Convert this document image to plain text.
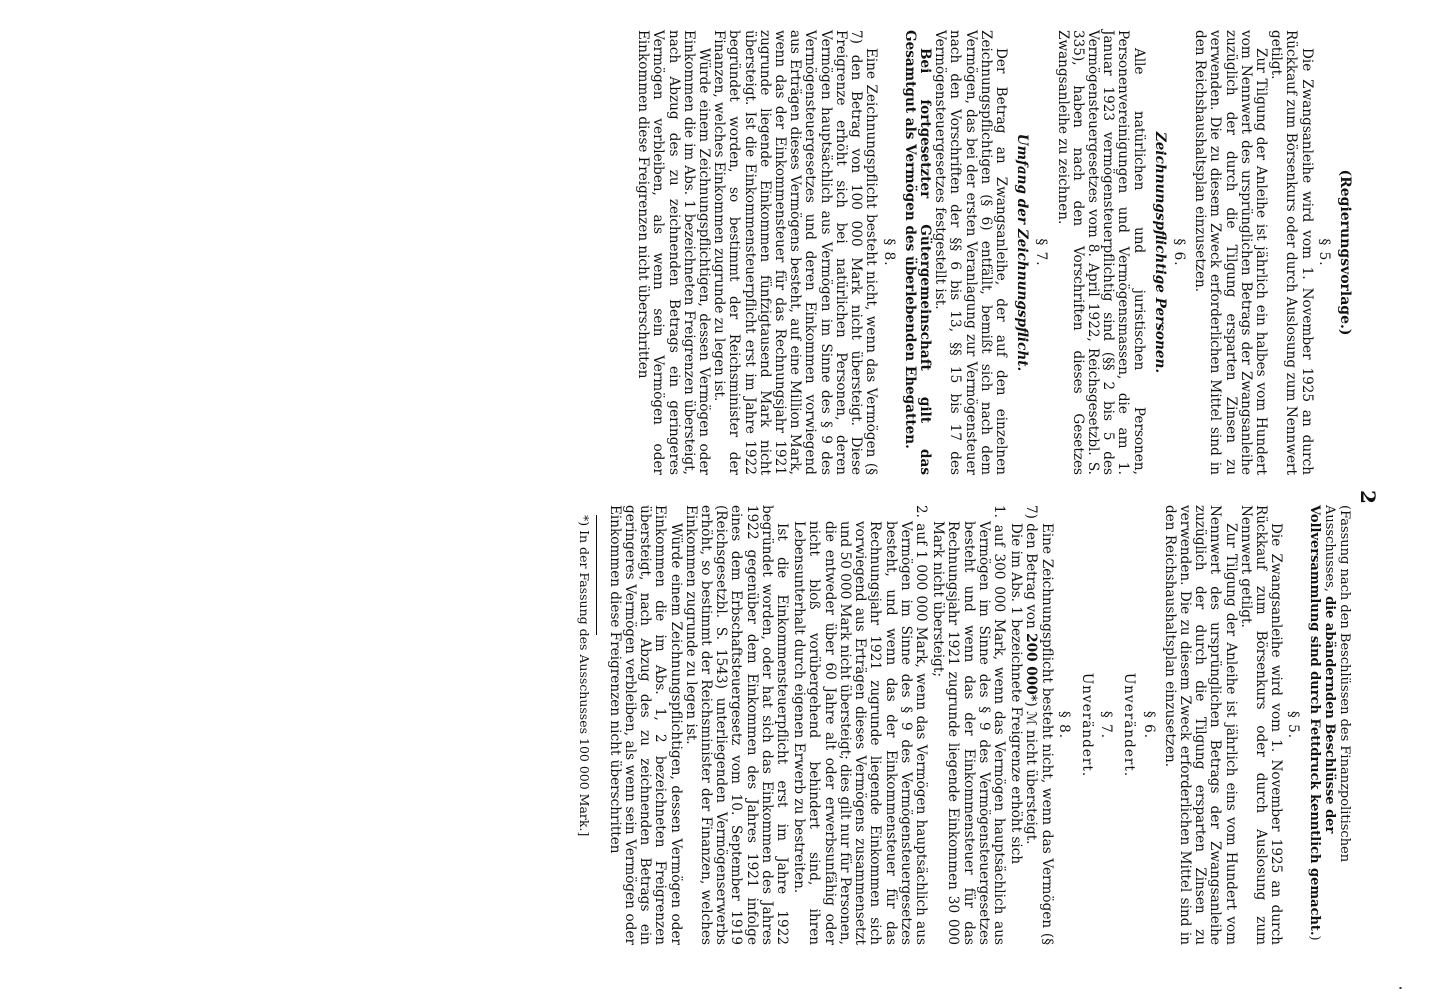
2
(Regierungsvorlage.)
§ 5.

Die Zwangsanleihe wird vom 1. November 1925 an durch Rückkauf zum Börsenkurs oder durch Auslosung zum Nennwert getilgt.

Zur Tilgung der Anleihe ist jährlich ein halbes vom Hundert vom Nennwert des ursprünglichen Betrags der Zwangsanleihe zuzüglich der durch die Tilgung ersparten Zinsen zu verwenden. Die zu diesem Zweck erforderlichen Mittel sind in den Reichshaushaltsplan einzusetzen.

§ 6.
Zeichnungspflichtige Personen.

Alle natürlichen und juristischen Personen, Personenvereinigungen und Vermögensmassen, die am 1. Januar 1923 vermögensteuerpflichtig sind (§§ 2 bis 5 des Vermögensteuergesetzes vom 8. April 1922, Reichsgesetzbl. S. 335), haben nach den Vorschriften dieses Gesetzes Zwangsanleihe zu zeichnen.

§ 7.
Umfang der Zeichnungspflicht.

Der Betrag an Zwangsanleihe, der auf den einzelnen Zeichnungspflichtigen (§ 6) entfällt, bemißt sich nach dem Vermögen, das bei der ersten Veranlagung zur Vermögensteuer nach den Vorschriften der §§ 6 bis 13, §§ 15 bis 17 des Vermögensteuergesetzes festgestellt ist.

Bei fortgesetzter Gütergemeinschaft gilt das Gesamtgut als Vermögen des überlebenden Ehegatten.

§ 8.

Eine Zeichnungspflicht besteht nicht, wenn das Vermögen (§ 7) den Betrag von 100 000 Mark nicht übersteigt. Diese Freigrenze erhöht sich bei natürlichen Personen, deren Vermögen hauptsächlich aus Vermögen im Sinne des § 9 des Vermögensteuergesetzes und deren Einkommen vorwiegend aus Erträgen dieses Vermögens besteht, auf eine Million Mark, wenn das der Einkommensteuer für das Rechnungsjahr 1921 zugrunde liegende Einkommen fünfzigtausend Mark nicht übersteigt. Ist die Einkommensteuerpflicht erst im Jahre 1922 begründet worden, so bestimmt der Reichsminister der Finanzen, welches Einkommen zugrunde zu legen ist.

Würde einem Zeichnungspflichtigen, dessen Vermögen oder Einkommen die im Abs. 1 bezeichneten Freigrenzen übersteigt, nach Abzug des zu zeichnenden Betrags ein geringeres Vermögen verbleiben, als wenn sein Vermögen oder Einkommen diese Freigrenzen nicht überschritten

(Fassung nach den Beschlüssen des Finanzpolitischen Ausschusses, die abändernden Beschlüsse der Vollversammlung sind durch Fettdruck kenntlich gemacht.)
§ 5.

Die Zwangsanleihe wird vom 1. November 1925 an durch Rückkauf zum Börsenkurs oder durch Auslosung zum Nennwert getilgt.

Zur Tilgung der Anleihe ist jährlich eins vom Hundert vom Nennwert des ursprünglichen Betrags der Zwangsanleihe zuzüglich der durch die Tilgung ersparten Zinsen zu verwenden. Die zu diesem Zweck erforderlichen Mittel sind in den Reichshaushaltsplan einzusetzen.

§ 6.
Unverändert.
§ 7.
Unverändert.
§ 8.

Eine Zeichnungspflicht besteht nicht, wenn das Vermögen (§ 7) den Betrag von 200 000*) ℳ nicht übersteigt.

Die im Abs. 1 bezeichnete Freigrenze erhöht sich

1. auf 300 000 Mark, wenn das Vermögen hauptsächlich aus Vermögen im Sinne des § 9 des Vermögensteuergesetzes besteht und wenn das der Einkommensteuer für das Rechnungsjahr 1921 zugrunde liegende Einkommen 30 000 Mark nicht übersteigt;

2. auf 1 000 000 Mark, wenn das Vermögen hauptsächlich aus Vermögen im Sinne des § 9 des Vermögensteuergesetzes besteht, und wenn das der Einkommensteuer für das Rechnungsjahr 1921 zugrunde liegende Einkommen sich vorwiegend aus Erträgen dieses Vermögens zusammensetzt und 50 000 Mark nicht übersteigt; dies gilt nur für Personen, die entweder über 60 Jahre alt oder erwerbsunfähig oder nicht bloß vorübergehend behindert sind, ihren Lebensunterhalt durch eigenen Erwerb zu bestreiten.

Ist die Einkommensteuerpflicht erst im Jahre 1922 begründet worden, oder hat sich das Einkommen des Jahres 1922 gegenüber dem Einkommen des Jahres 1921 infolge eines dem Erbschaftsteuergesetz vom 10. September 1919 (Reichsgesetzbl. S. 1543) unterliegenden Vermögenserwerbs erhöht, so bestimmt der Reichsminister der Finanzen, welches Einkommen zugrunde zu legen ist.

Würde einem Zeichnungspflichtigen, dessen Vermögen oder Einkommen die im Abs. 1, 2 bezeichneten Freigrenzen übersteigt, nach Abzug des zu zeichnenden Betrags ein geringeres Vermögen verbleiben, als wenn sein Vermögen oder Einkommen diese Freigrenzen nicht überschritten

*) In der Fassung des Ausschusses 100 000 Mark.]
·
